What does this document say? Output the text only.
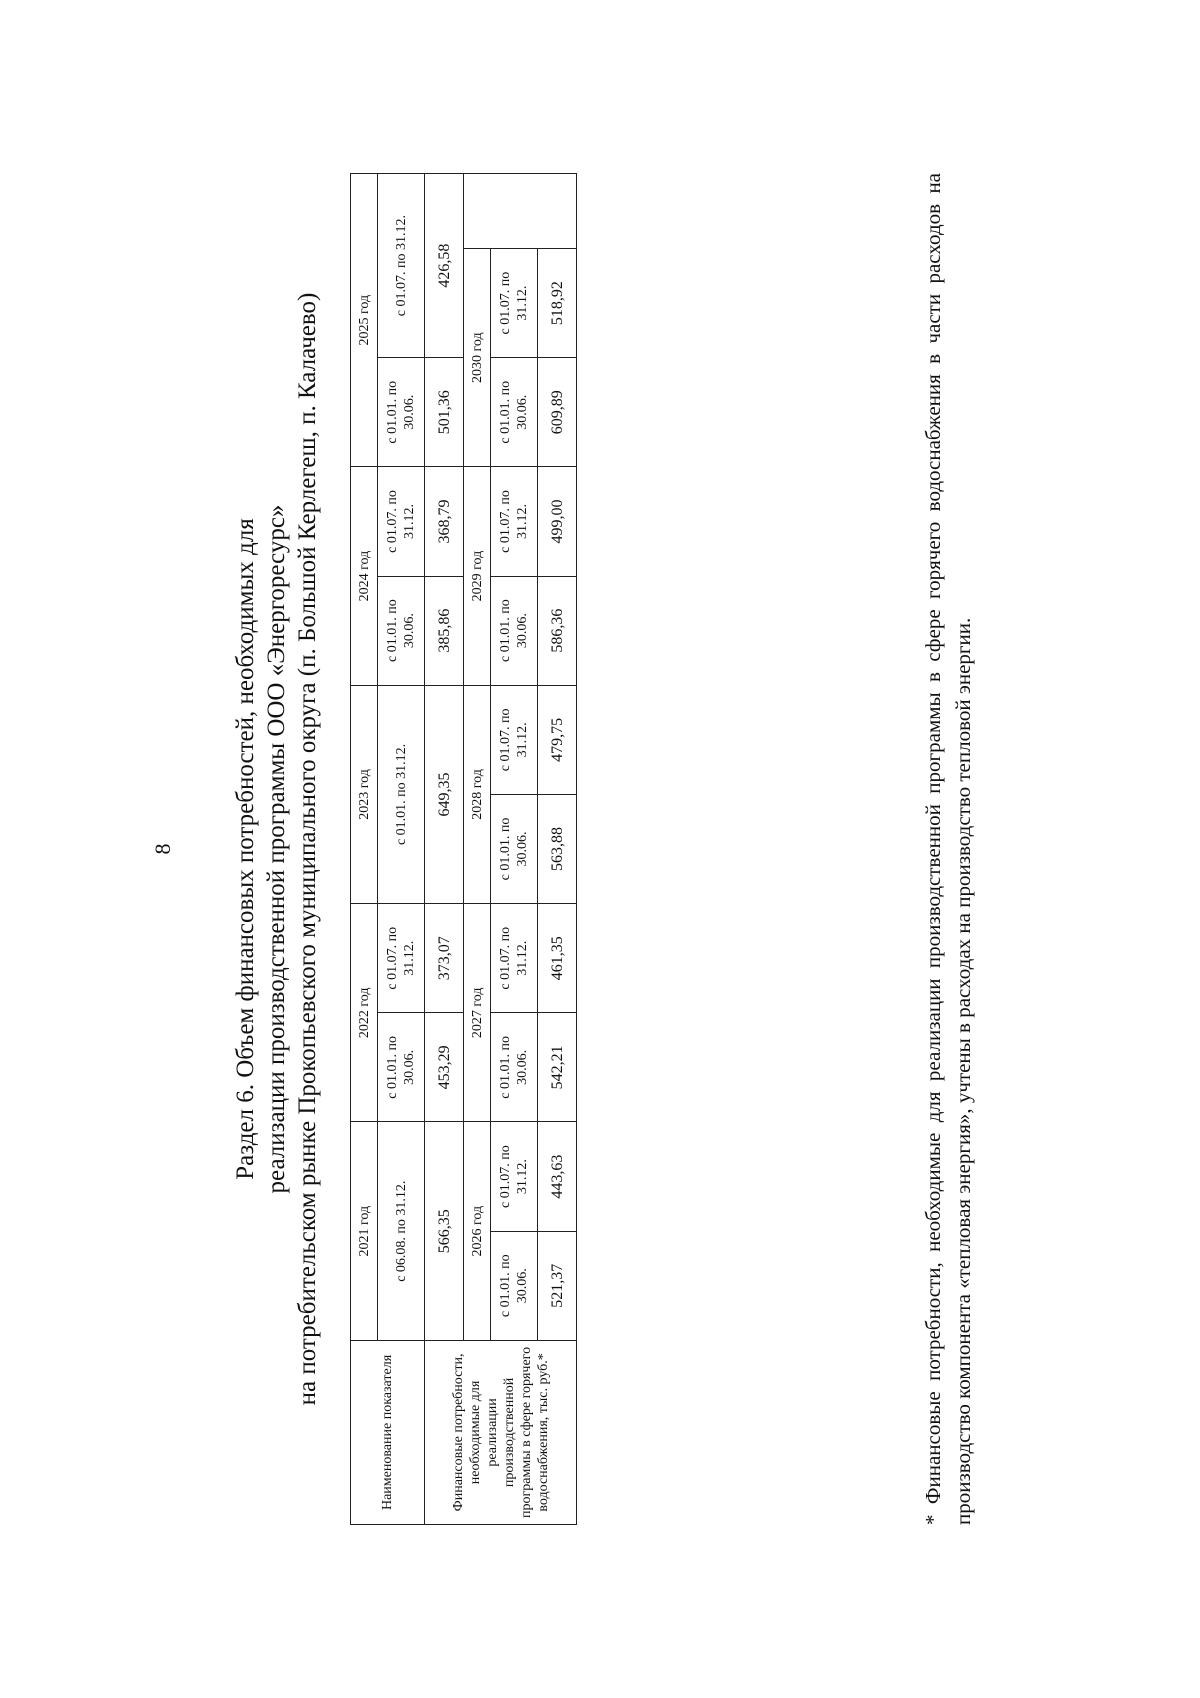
8 Раздел 6. Объем финансовых потребностей, необходимых для реализации производственной программы ООО «Энергоресурс» на потребительском рынке Прокопьевского муниципального округа (п. Большой Керлегеш, п. Калачево)
Наименование показателя	2021 год		2022 год		2023 год		2024 год		2025 год		
	с 06.08. по 31.12.		с 01.01. по 30.06.	с 01.07. по 31.12.	с 01.01. по 31.12.		с 01.01. по 30.06.	с 01.07. по 31.12.	с 01.01. по 30.06.	с 01.07. по 31.12.	
Финансовые потребности, необходимые для реализации производственной программы в сфере горячего водоснабжения, тыс. руб.*	566,35		453,29	373,07	649,35		385,86	368,79	501,36	426,58	
	2026 год		2027 год		2028 год		2029 год		2030 год		
	с 01.01. по 30.06.	с 01.07. по 31.12.	с 01.01. по 30.06.	с 01.07. по 31.12.	с 01.01. по 30.06.	с 01.07. по 31.12.	с 01.01. по 30.06.	с 01.07. по 31.12.	с 01.01. по 30.06.	с 01.07. по 31.12.	
	521,37	443,63	542,21	461,35	563,88	479,75	586,36	499,00	609,89	518,92		* Финансовые потребности, необходимые для реализации производственной программы в сфере горячего водоснабжения в части расходов на производство компонента «тепловая энергия», учтены в расходах на производство тепловой энергии.
